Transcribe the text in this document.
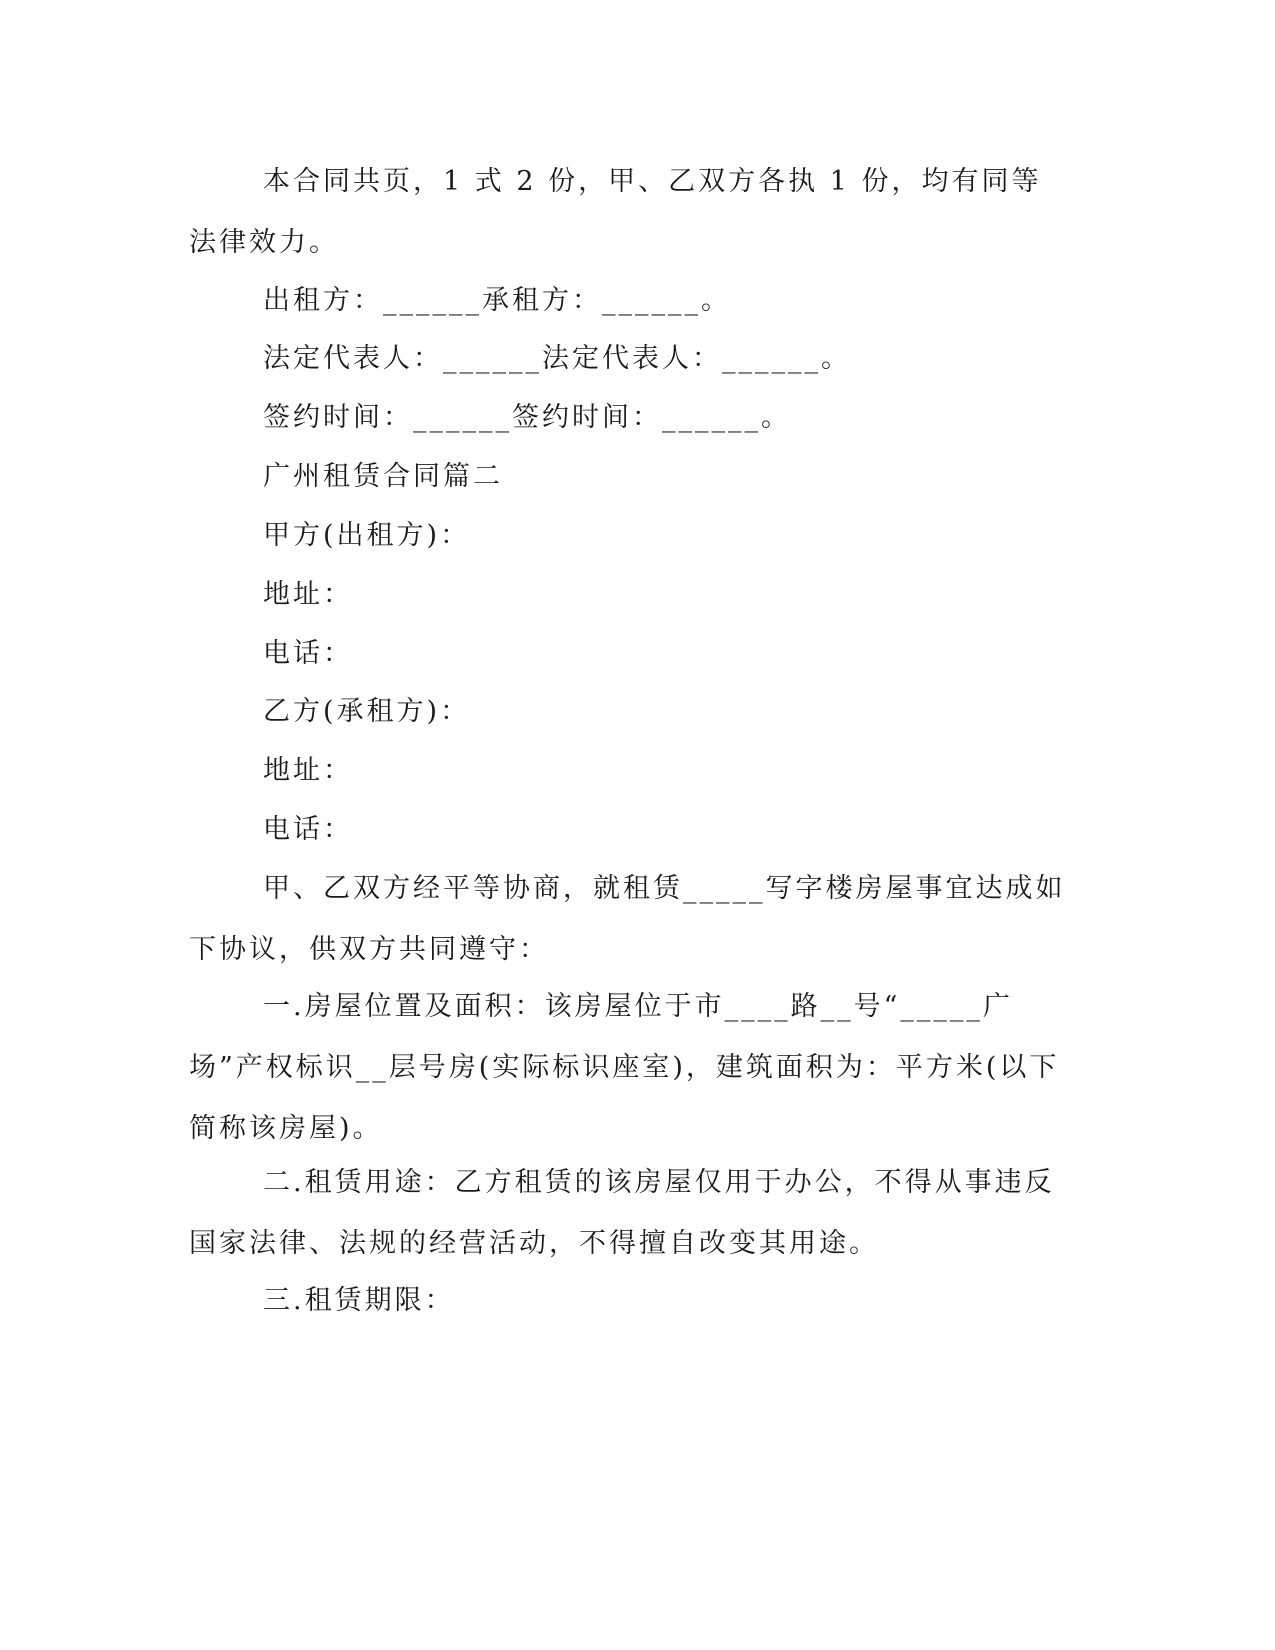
本合同共页，1 式 2 份，甲、乙双方各执 1 份，均有同等法律效力。

出租方：______承租方：______。

法定代表人：______法定代表人：______。

签约时间：______签约时间：______。

广州租赁合同篇二

甲方(出租方)：

地址：

电话：

乙方(承租方)：

地址：

电话：

甲、乙双方经平等协商，就租赁_____写字楼房屋事宜达成如下协议，供双方共同遵守：

一.房屋位置及面积：该房屋位于市____路__号“_____广场”产权标识__层号房(实际标识座室)，建筑面积为：平方米(以下简称该房屋)。

二.租赁用途：乙方租赁的该房屋仅用于办公，不得从事违反国家法律、法规的经营活动，不得擅自改变其用途。

三.租赁期限：
